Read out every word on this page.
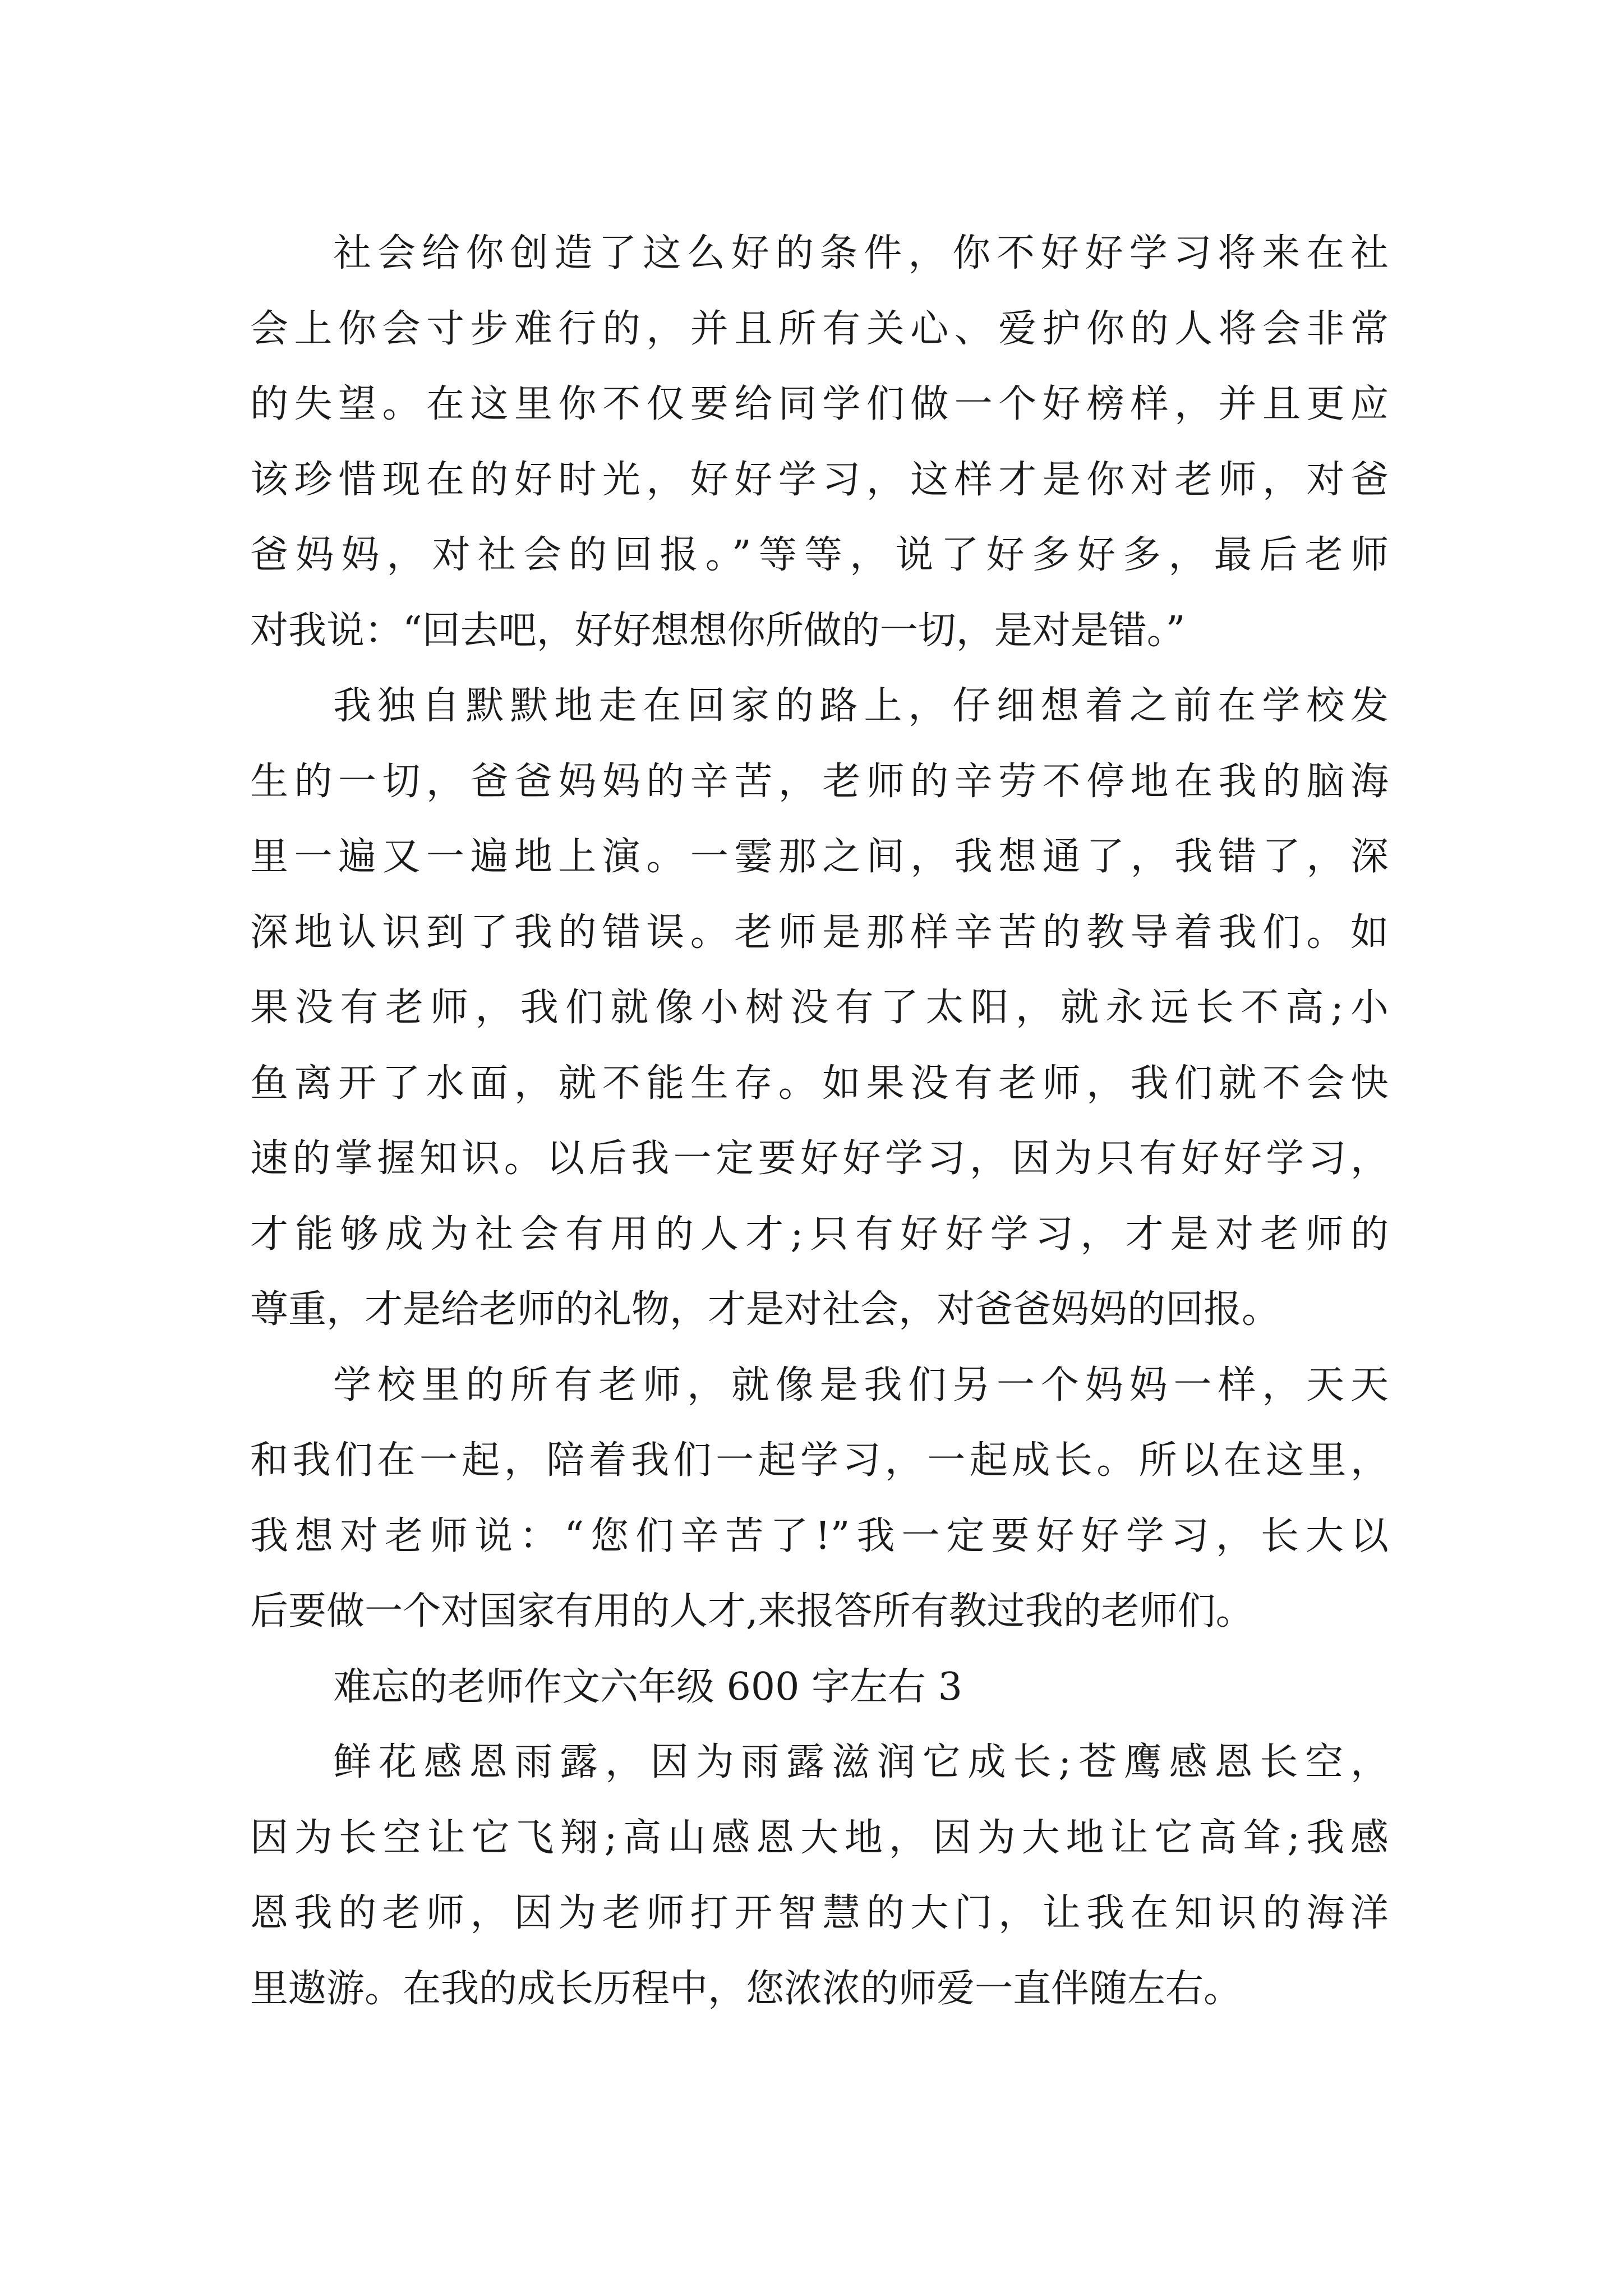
社会给你创造了这么好的条件，你不好好学习将来在社
会上你会寸步难行的，并且所有关心、爱护你的人将会非常
的失望。在这里你不仅要给同学们做一个好榜样，并且更应
该珍惜现在的好时光，好好学习，这样才是你对老师，对爸
爸妈妈，对社会的回报。”等等，说了好多好多，最后老师
对我说：“回去吧，好好想想你所做的一切，是对是错。”
我独自默默地走在回家的路上，仔细想着之前在学校发
生的一切，爸爸妈妈的辛苦，老师的辛劳不停地在我的脑海
里一遍又一遍地上演。一霎那之间，我想通了，我错了，深
深地认识到了我的错误。老师是那样辛苦的教导着我们。如
果没有老师，我们就像小树没有了太阳，就永远长不高;小
鱼离开了水面，就不能生存。如果没有老师，我们就不会快
速的掌握知识。以后我一定要好好学习，因为只有好好学习，
才能够成为社会有用的人才;只有好好学习，才是对老师的
尊重，才是给老师的礼物，才是对社会，对爸爸妈妈的回报。
学校里的所有老师，就像是我们另一个妈妈一样，天天
和我们在一起，陪着我们一起学习，一起成长。所以在这里，
我想对老师说：“您们辛苦了!”我一定要好好学习，长大以
后要做一个对国家有用的人才,来报答所有教过我的老师们。
难忘的老师作文六年级 600 字左右 3
鲜花感恩雨露，因为雨露滋润它成长;苍鹰感恩长空，
因为长空让它飞翔;高山感恩大地，因为大地让它高耸;我感
恩我的老师，因为老师打开智慧的大门，让我在知识的海洋
里遨游。在我的成长历程中，您浓浓的师爱一直伴随左右。
